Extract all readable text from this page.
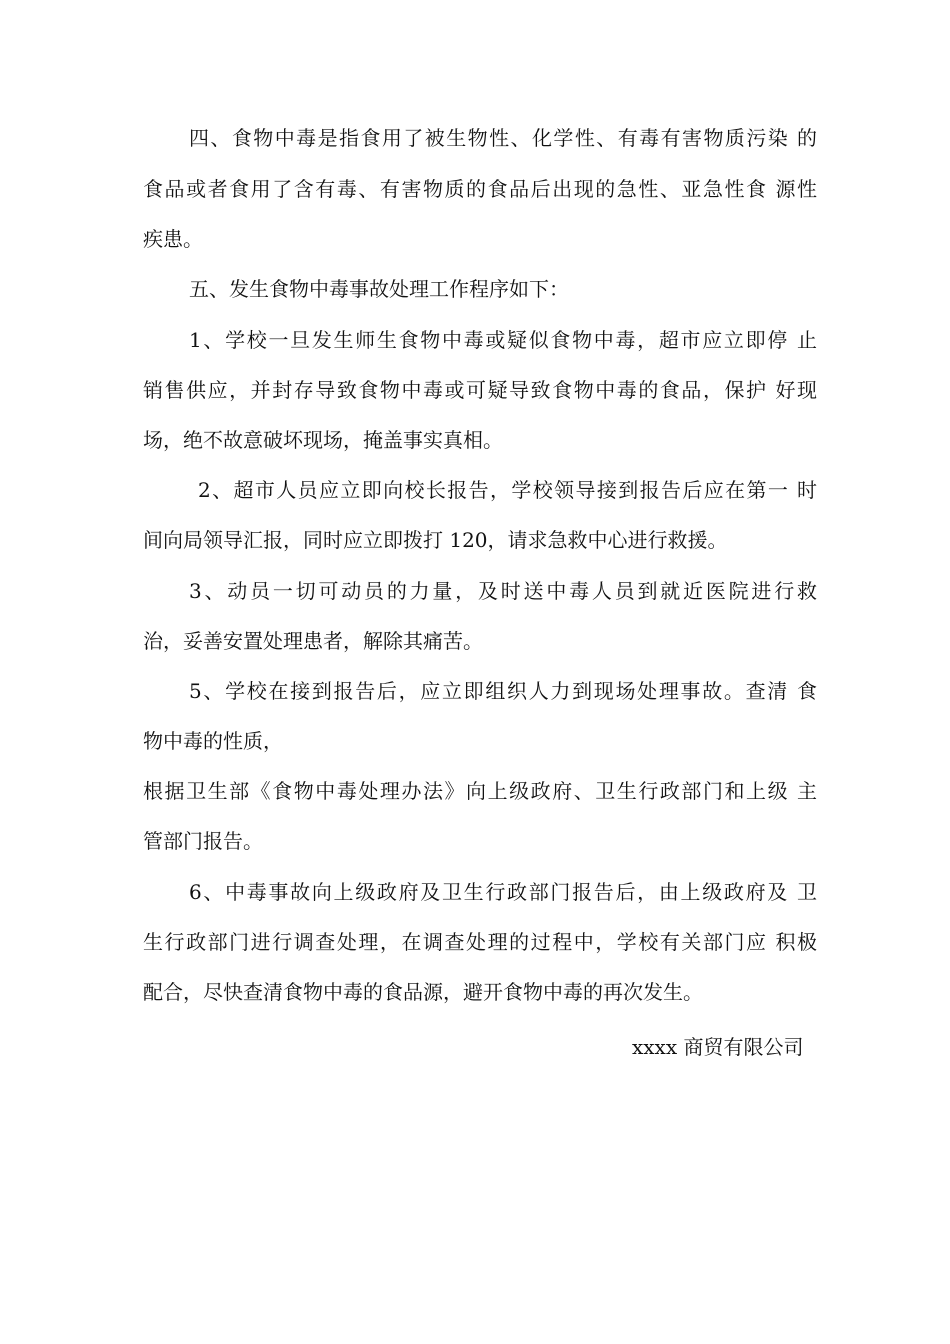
四、食物中毒是指食用了被生物性、化学性、有毒有害物质污染 的
食品或者食用了含有毒、有害物质的食品后出现的急性、亚急性食 源性
疾患。
五、发生食物中毒事故处理工作程序如下：
1、学校一旦发生师生食物中毒或疑似食物中毒，超市应立即停 止
销售供应，并封存导致食物中毒或可疑导致食物中毒的食品，保护 好现
场，绝不故意破坏现场，掩盖事实真相。
2、超市人员应立即向校长报告，学校领导接到报告后应在第一 时
间向局领导汇报，同时应立即拨打 120，请求急救中心进行救援。
3、动员一切可动员的力量，及时送中毒人员到就近医院进行救
治，妥善安置处理患者，解除其痛苦。
5、学校在接到报告后，应立即组织人力到现场处理事故。查清 食
物中毒的性质，
根据卫生部《食物中毒处理办法》向上级政府、卫生行政部门和上级 主
管部门报告。
6、中毒事故向上级政府及卫生行政部门报告后，由上级政府及 卫
生行政部门进行调查处理，在调查处理的过程中，学校有关部门应 积极
配合，尽快查清食物中毒的食品源，避开食物中毒的再次发生。
xxxx 商贸有限公司
